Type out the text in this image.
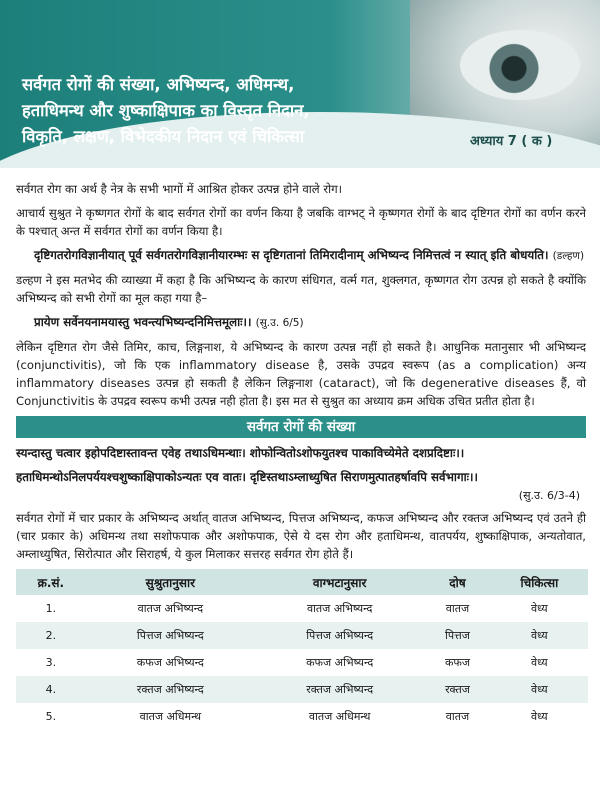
सर्वगत रोगों की संख्या, अभिष्यन्द, अधिमन्थ,
हताधिमन्थ और शुष्काक्षिपाक का विस्तृत निदान,
विकृति, लक्षण, विभेदकीय निदान एवं चिकित्सा	अध्याय 7 ( क )

सर्वगत रोग का अर्थ है नेत्र के सभी भागों में आश्रित होकर उत्पन्न होने वाले रोग।

आचार्य सुश्रुत ने कृष्णगत रोगों के बाद सर्वगत रोगों का वर्णन किया है जबकि वाग्भट् ने कृष्णगत रोगों के बाद दृष्टिगत रोगों का वर्णन करने के पश्चात् अन्त में सर्वगत रोगों का वर्णन किया है।

दृष्टिगतरोगविज्ञानीयात् पूर्व सर्वगतरोगविज्ञानीयारम्भः स दृष्टिगतानां तिमिरादीनाम् अभिष्यन्द निमित्तत्वं न स्यात् इति बोधयति। (डल्हण)

डल्हण ने इस मतभेद की व्याख्या में कहा है कि अभिष्यन्द के कारण संधिगत, वर्त्म गत, शुक्लगत, कृष्णगत रोग उत्पन्न हो सकते है क्योंकि अभिष्यन्द को सभी रोगों का मूल कहा गया है–

प्रायेण सर्वेनयनामयास्तु भवन्त्यभिष्यन्दनिमित्तमूलाः।। (सु.उ. 6/5)

लेकिन दृष्टिगत रोग जैसे तिमिर, काच, लिङ्गनाश, ये अभिष्यन्द के कारण उत्पन्न नहीं हो सकते है। आधुनिक मतानुसार भी अभिष्यन्द (conjunctivitis), जो कि एक inflammatory disease है, उसके उपद्रव स्वरूप (as a complication) अन्य inflammatory diseases उत्पन्न हो सकती है लेकिन लिङ्गनाश (cataract), जो कि degenerative diseases हैं, वो Conjunctivitis के उपद्रव स्वरूप कभी उत्पन्न नही होता है। इस मत से सुश्रुत का अध्याय क्रम अधिक उचित प्रतीत होता है।

सर्वगत रोगों की संख्या

स्यन्दास्तु चत्वार इहोपदिष्टास्तावन्त एवेह तथाऽधिमन्थाः। शोफोन्वितोऽशोफयुतश्च पाकाविच्येमेते दशप्रदिष्टाः।।

हताधिमन्थोऽनिलपर्ययश्चशुष्काक्षिपाकोऽन्यतः एव वातः। दृष्टिस्तथाऽम्लाध्युषित सिराणमुत्पातहर्षावपि सर्वभागाः।।

(सु.उ. 6/3-4)

सर्वगत रोगों में चार प्रकार के अभिष्यन्द अर्थात् वातज अभिष्यन्द, पित्तज अभिष्यन्द, कफज अभिष्यन्द और रक्तज अभिष्यन्द एवं उतने ही (चार प्रकार के) अधिमन्थ तथा सशोफपाक और अशोफपाक, ऐसे ये दस रोग और हताधिमन्थ, वातपर्यय, शुष्काक्षिपाक, अन्यतोवात, अम्लाध्युषित, सिरोत्पात और सिराहर्ष, ये कुल मिलाकर सत्तरह सर्वगत रोग होते हैं।

क्र.सं.	सुश्रुतानुसार	वाग्भटानुसार	दोष	चिकित्सा
1.	वातज अभिष्यन्द	वातज अभिष्यन्द	वातज	वेध्य
2.	पित्तज अभिष्यन्द	पित्तज अभिष्यन्द	पित्तज	वेध्य
3.	कफज अभिष्यन्द	कफज अभिष्यन्द	कफज	वेध्य
4.	रक्तज अभिष्यन्द	रक्तज अभिष्यन्द	रक्तज	वेध्य
5.	वातज अधिमन्थ	वातज अधिमन्थ	वातज	वेध्य
